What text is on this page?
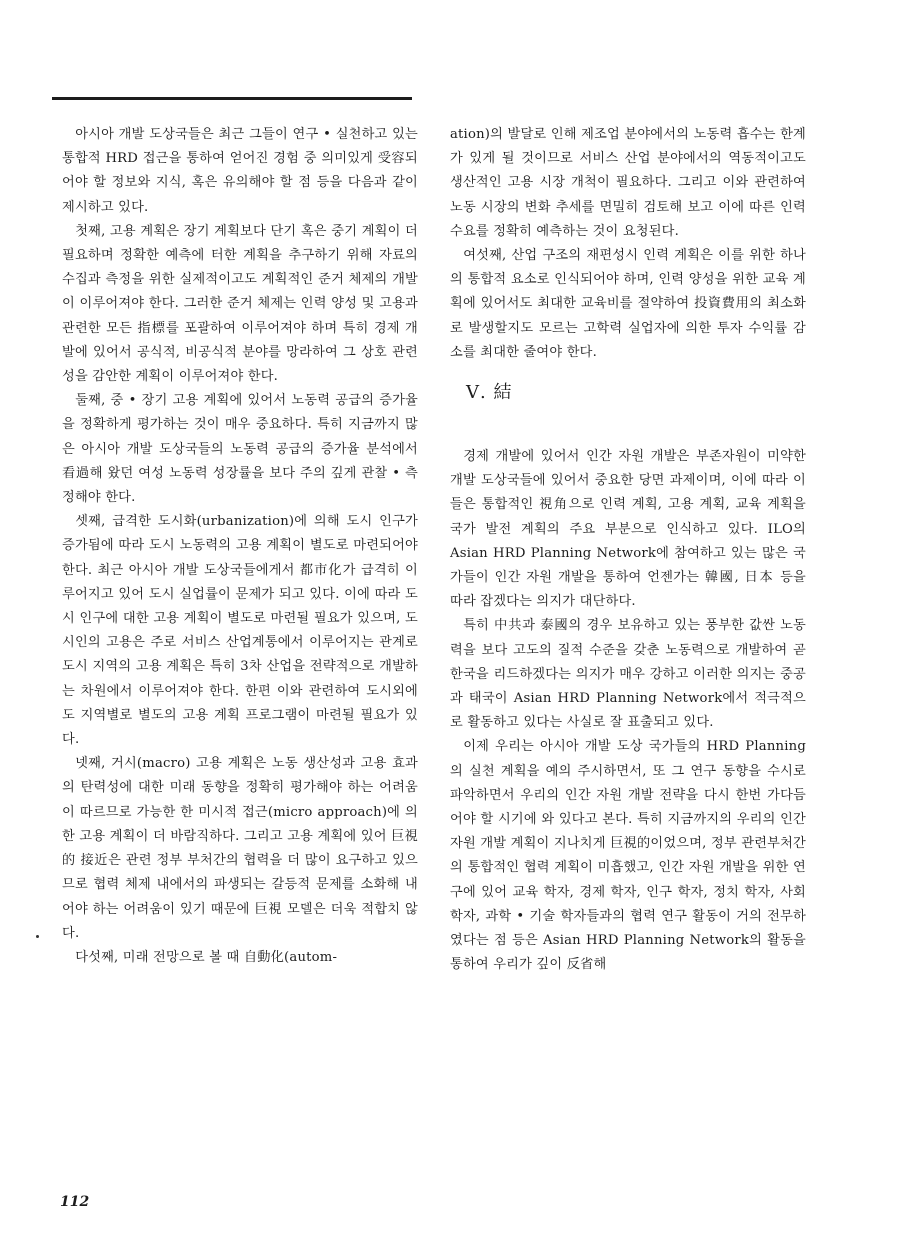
아시아 개발 도상국들은 최근 그들이 연구 • 실천하고 있는 통합적 HRD 접근을 통하여 얻어진 경험 중 의미있게 受容되어야 할 정보와 지식, 혹은 유의해야 할 점 등을 다음과 같이 제시하고 있다.

첫째, 고용 계획은 장기 계획보다 단기 혹은 중기 계획이 더 필요하며 정확한 예측에 터한 계획을 추구하기 위해 자료의 수집과 측정을 위한 실제적이고도 계획적인 준거 체제의 개발이 이루어져야 한다. 그러한 준거 체제는 인력 양성 및 고용과 관련한 모든 指標를 포괄하여 이루어져야 하며 특히 경제 개발에 있어서 공식적, 비공식적 분야를 망라하여 그 상호 관련성을 감안한 계획이 이루어져야 한다.

둘째, 중 • 장기 고용 계획에 있어서 노동력 공급의 증가율을 정확하게 평가하는 것이 매우 중요하다. 특히 지금까지 많은 아시아 개발 도상국들의 노동력 공급의 증가율 분석에서 看過해 왔던 여성 노동력 성장률을 보다 주의 깊게 관찰 • 측정해야 한다.

셋째, 급격한 도시화(urbanization)에 의해 도시 인구가 증가됨에 따라 도시 노동력의 고용 계획이 별도로 마련되어야 한다. 최근 아시아 개발 도상국들에게서 都市化가 급격히 이루어지고 있어 도시 실업률이 문제가 되고 있다. 이에 따라 도시 인구에 대한 고용 계획이 별도로 마련될 필요가 있으며, 도시인의 고용은 주로 서비스 산업계통에서 이루어지는 관계로 도시 지역의 고용 계획은 특히 3차 산업을 전략적으로 개발하는 차원에서 이루어져야 한다. 한편 이와 관련하여 도시외에도 지역별로 별도의 고용 계획 프로그램이 마련될 필요가 있다.

넷째, 거시(macro) 고용 계획은 노동 생산성과 고용 효과의 탄력성에 대한 미래 동향을 정확히 평가해야 하는 어려움이 따르므로 가능한 한 미시적 접근(micro approach)에 의한 고용 계획이 더 바람직하다. 그리고 고용 계획에 있어 巨視的 接近은 관련 정부 부처간의 협력을 더 많이 요구하고 있으므로 협력 체제 내에서의 파생되는 갈등적 문제를 소화해 내어야 하는 어려움이 있기 때문에 巨視 모델은 더욱 적합치 않다.

다섯째, 미래 전망으로 볼 때 自動化(autom-

ation)의 발달로 인해 제조업 분야에서의 노동력 흡수는 한계가 있게 될 것이므로 서비스 산업 분야에서의 역동적이고도 생산적인 고용 시장 개척이 필요하다. 그리고 이와 관련하여 노동 시장의 변화 추세를 면밀히 검토해 보고 이에 따른 인력 수요를 정확히 예측하는 것이 요청된다.

여섯째, 산업 구조의 재편성시 인력 계획은 이를 위한 하나의 통합적 요소로 인식되어야 하며, 인력 양성을 위한 교육 계획에 있어서도 최대한 교육비를 절약하여 投資費用의 최소화로 발생할지도 모르는 고학력 실업자에 의한 투자 수익률 감소를 최대한 줄여야 한다.

Ⅴ. 結

경제 개발에 있어서 인간 자원 개발은 부존자원이 미약한 개발 도상국들에 있어서 중요한 당면 과제이며, 이에 따라 이들은 통합적인 視角으로 인력 계획, 고용 계획, 교육 계획을 국가 발전 계획의 주요 부분으로 인식하고 있다. ILO의 Asian HRD Planning Network에 참여하고 있는 많은 국가들이 인간 자원 개발을 통하여 언젠가는 韓國, 日本 등을 따라 잡겠다는 의지가 대단하다.

특히 中共과 泰國의 경우 보유하고 있는 풍부한 값싼 노동력을 보다 고도의 질적 수준을 갖춘 노동력으로 개발하여 곧 한국을 리드하겠다는 의지가 매우 강하고 이러한 의지는 중공과 태국이 Asian HRD Planning Network에서 적극적으로 활동하고 있다는 사실로 잘 표출되고 있다.

이제 우리는 아시아 개발 도상 국가들의 HRD Planning의 실천 계획을 예의 주시하면서, 또 그 연구 동향을 수시로 파악하면서 우리의 인간 자원 개발 전략을 다시 한번 가다듬어야 할 시기에 와 있다고 본다. 특히 지금까지의 우리의 인간 자원 개발 계획이 지나치게 巨視的이었으며, 정부 관련부처간의 통합적인 협력 계획이 미흡했고, 인간 자원 개발을 위한 연구에 있어 교육 학자, 경제 학자, 인구 학자, 정치 학자, 사회 학자, 과학 • 기술 학자들과의 협력 연구 활동이 거의 전무하였다는 점 등은 Asian HRD Planning Network의 활동을 통하여 우리가 깊이 反省해

112
